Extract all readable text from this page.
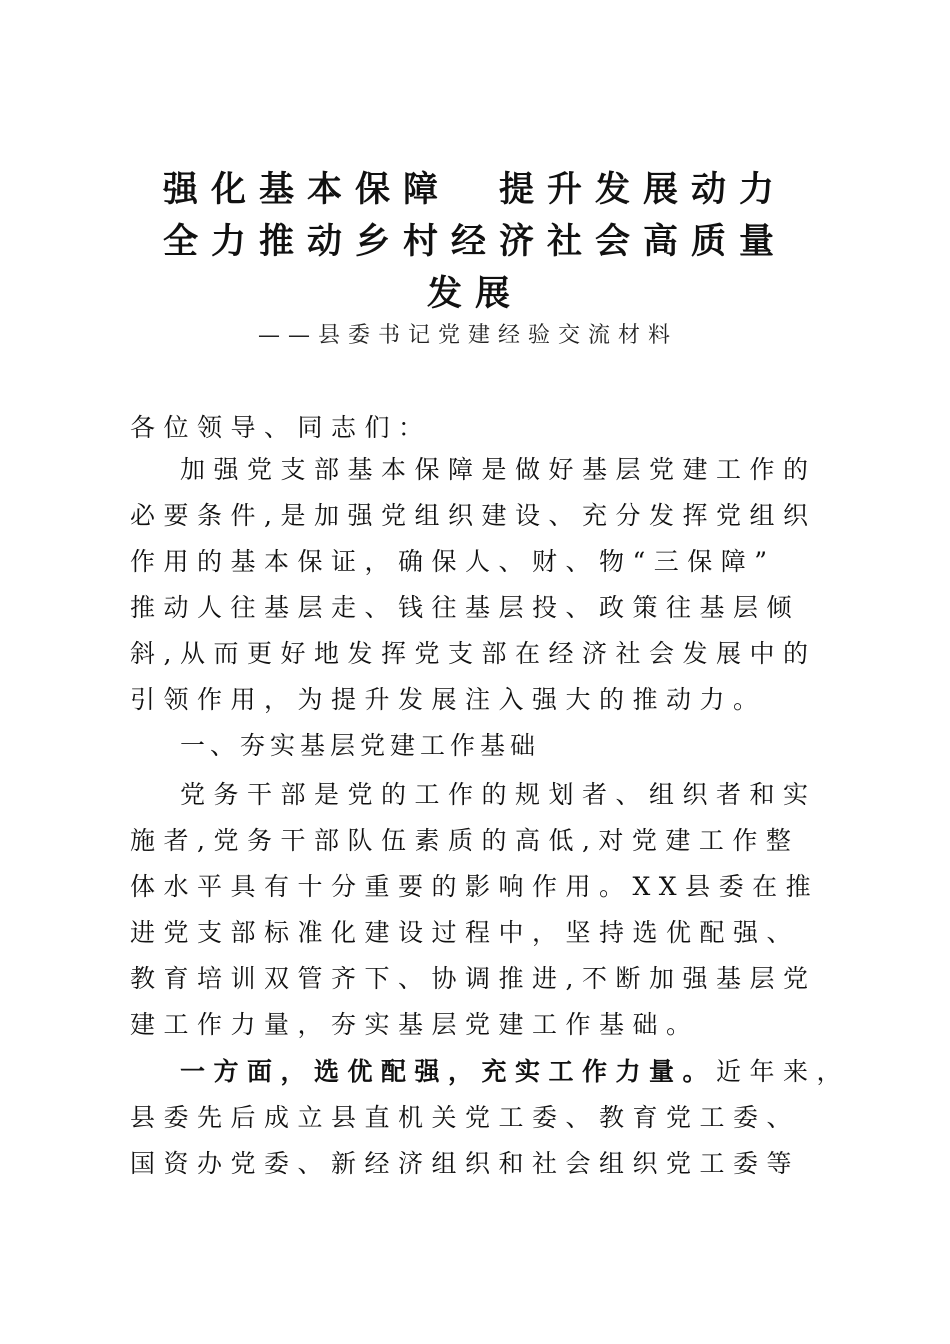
强化基本保障　提升发展动力
全力推动乡村经济社会高质量
发展
——县委书记党建经验交流材料
各位领导、同志们：
加强党支部基本保障是做好基层党建工作的
必要条件,是加强党组织建设、充分发挥党组织
作用的基本保证，确保人、财、物“三保障”
推动人往基层走、钱往基层投、政策往基层倾
斜,从而更好地发挥党支部在经济社会发展中的
引领作用，为提升发展注入强大的推动力。
一、夯实基层党建工作基础
党务干部是党的工作的规划者、组织者和实
施者,党务干部队伍素质的高低,对党建工作整
体水平具有十分重要的影响作用。XX县委在推
进党支部标准化建设过程中，坚持选优配强、
教育培训双管齐下、协调推进,不断加强基层党
建工作力量，夯实基层党建工作基础。
一方面，选优配强，充实工作力量。近年来，
县委先后成立县直机关党工委、教育党工委、
国资办党委、新经济组织和社会组织党工委等
